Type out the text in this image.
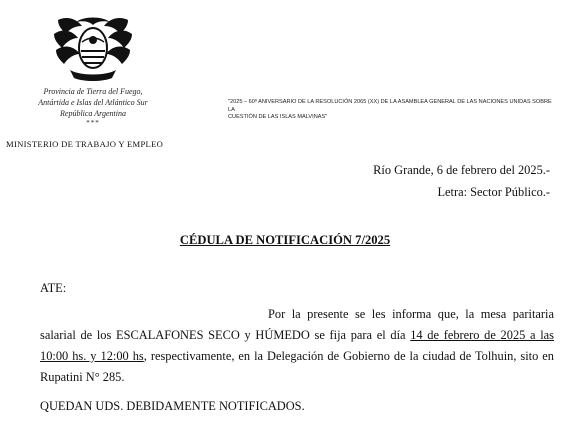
Provincia de Tierra del Fuego,
Antártida e Islas del Atlántico Sur
República Argentina
***
MINISTERIO DE TRABAJO Y EMPLEO
"2025 – 60º ANIVERSARIO DE LA RESOLUCIÓN 2065 (XX) DE LA ASAMBLEA GENERAL DE LAS NACIONES UNIDAS SOBRE LA
CUESTIÓN DE LAS ISLAS MALVINAS"
Río Grande, 6 de febrero del 2025.-
Letra: Sector Público.-
CÉDULA DE NOTIFICACIÓN 7/2025
ATE:
Por la presente se les informa que, la mesa paritaria salarial de los ESCALAFONES SECO y HÚMEDO se fija para el día 14 de febrero de 2025 a las 10:00 hs. y 12:00 hs, respectivamente, en la Delegación de Gobierno de la ciudad de Tolhuin, sito en Rupatini N° 285.
QUEDAN UDS. DEBIDAMENTE NOTIFICADOS.
